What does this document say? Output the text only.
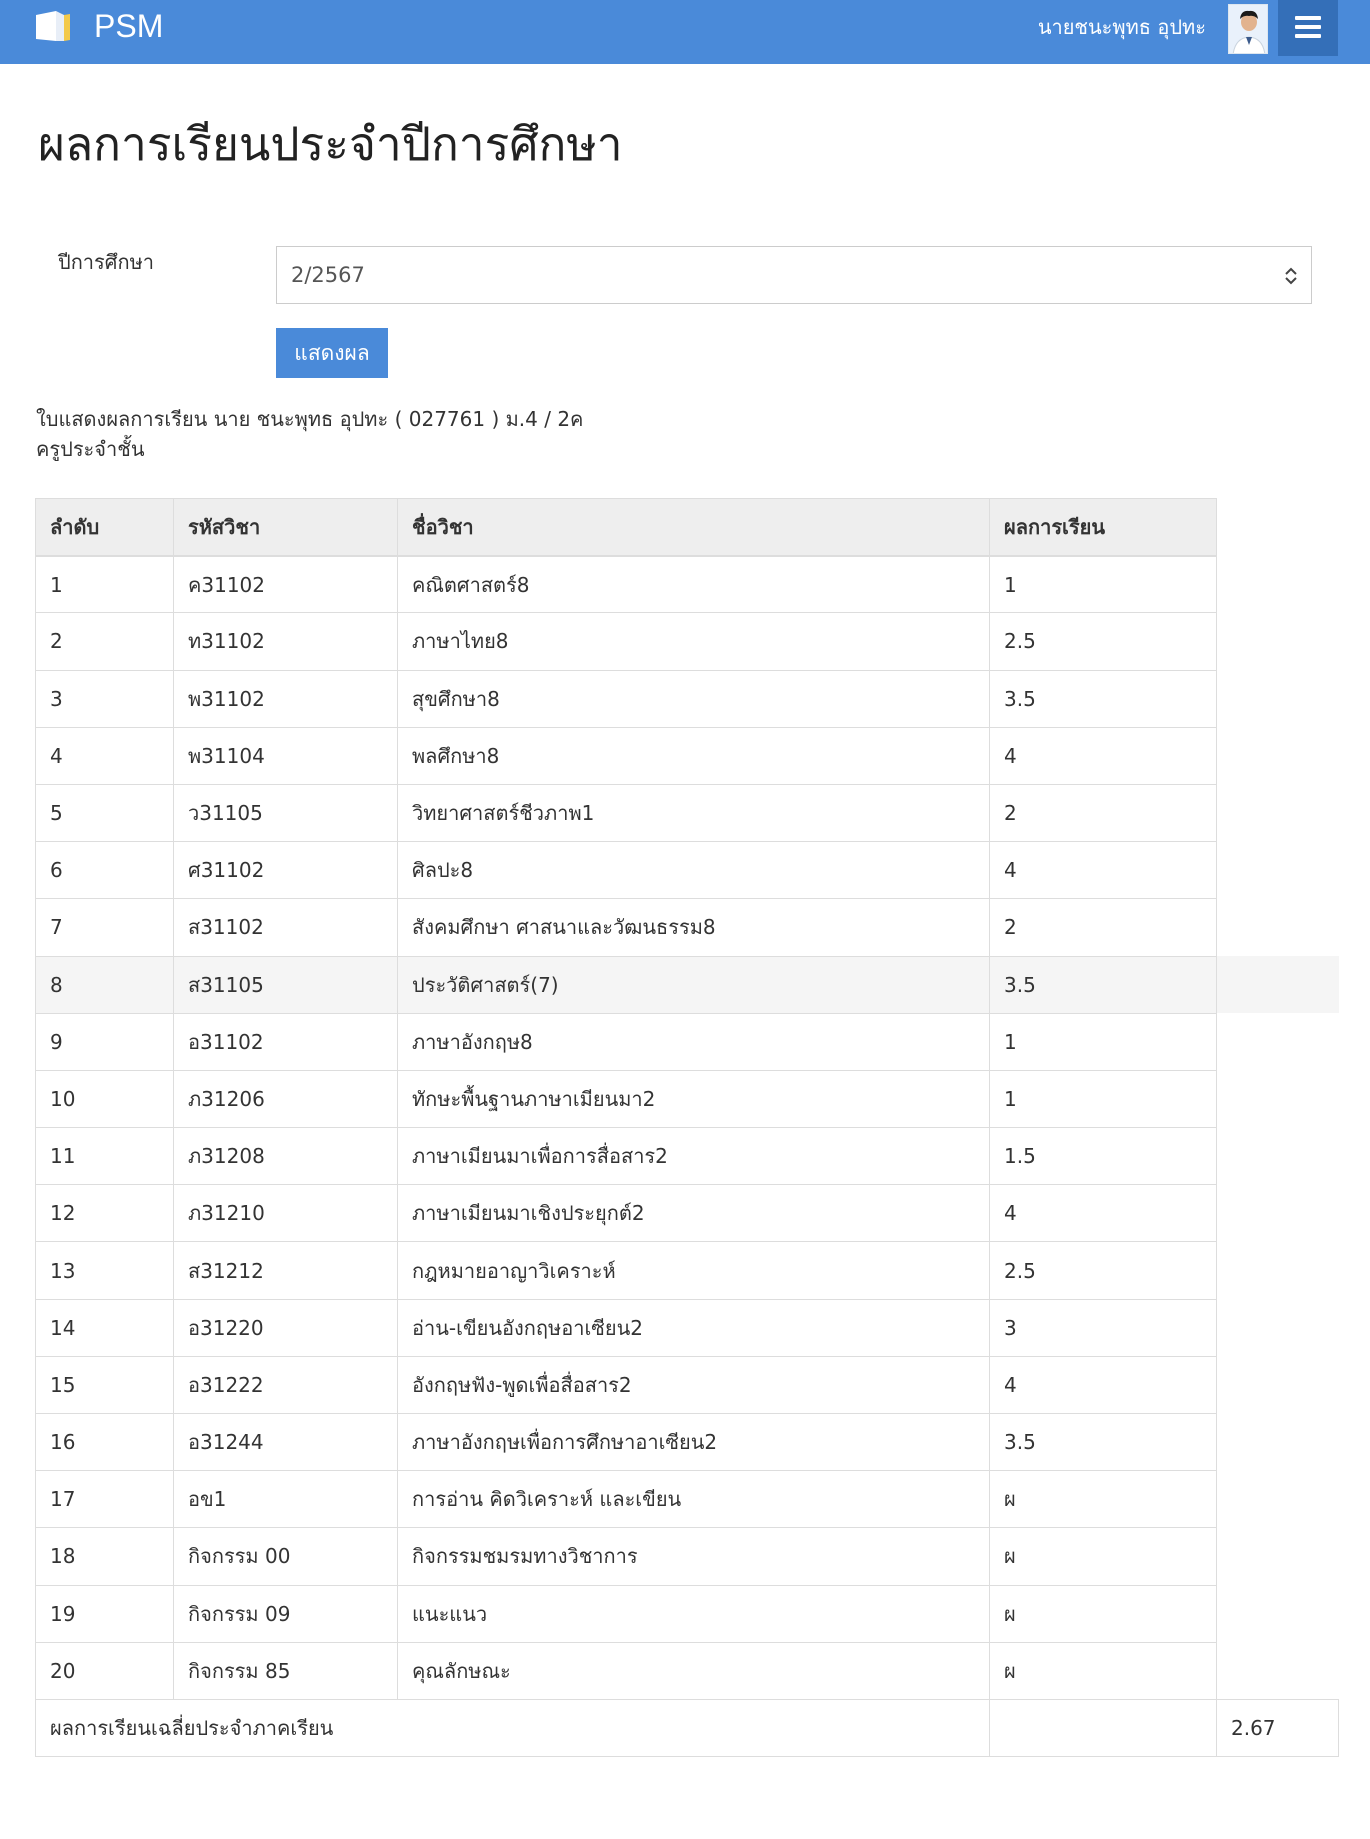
PSM	นายชนะพุทธ อุปทะ
ผลการเรียนประจำปีการศึกษา
ปีการศึกษา
2/2567
แสดงผล
ใบแสดงผลการเรียน นาย ชนะพุทธ อุปทะ ( 027761 ) ม.4 / 2ค
ครูประจำชั้น
ลำดับ	รหัสวิชา	ชื่อวิชา	ผลการเรียน	
1	ค31102	คณิตศาสตร์8	1	
2	ท31102	ภาษาไทย8	2.5	
3	พ31102	สุขศึกษา8	3.5	
4	พ31104	พลศึกษา8	4	
5	ว31105	วิทยาศาสตร์ชีวภาพ1	2	
6	ศ31102	ศิลปะ8	4	
7	ส31102	สังคมศึกษา ศาสนาและวัฒนธรรม8	2	
8	ส31105	ประวัติศาสตร์(7)	3.5	
9	อ31102	ภาษาอังกฤษ8	1	
10	ภ31206	ทักษะพื้นฐานภาษาเมียนมา2	1	
11	ภ31208	ภาษาเมียนมาเพื่อการสื่อสาร2	1.5	
12	ภ31210	ภาษาเมียนมาเชิงประยุกต์2	4	
13	ส31212	กฎหมายอาญาวิเคราะห์	2.5	
14	อ31220	อ่าน-เขียนอังกฤษอาเซียน2	3	
15	อ31222	อังกฤษฟัง-พูดเพื่อสื่อสาร2	4	
16	อ31244	ภาษาอังกฤษเพื่อการศึกษาอาเซียน2	3.5	
17	อข1	การอ่าน คิดวิเคราะห์ และเขียน	ผ	
18	กิจกรรม 00	กิจกรรมชมรมทางวิชาการ	ผ	
19	กิจกรรม 09	แนะแนว	ผ	
20	กิจกรรม 85	คุณลักษณะ	ผ	
ผลการเรียนเฉลี่ยประจำภาคเรียน				2.67
